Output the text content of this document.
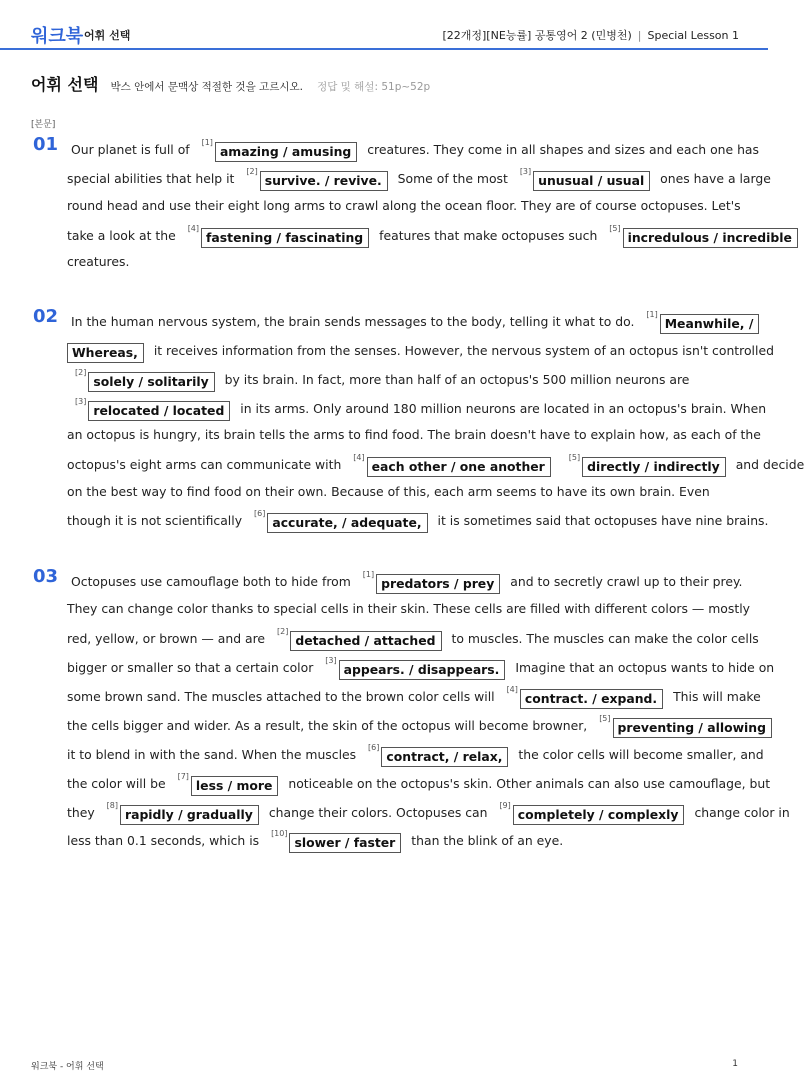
워크북 어휘 선택	[22개정][NE능률] 공통영어 2 (민병천) | Special Lesson 1
어휘 선택 박스 안에서 문맥상 적절한 것을 고르시오. 정답 및 해설: 51p~52p
[본문]
01 Our planet is full of [1]amazing / amusing creatures. They come in all shapes and sizes and each one has
special abilities that help it [2]survive. / revive. Some of the most [3]unusual / usual ones have a large
round head and use their eight long arms to crawl along the ocean floor. They are of course octopuses. Let's
take a look at the [4]fastening / fascinating features that make octopuses such [5]incredulous / incredible
creatures.
02 In the human nervous system, the brain sends messages to the body, telling it what to do. [1]Meanwhile, /
Whereas, it receives information from the senses. However, the nervous system of an octopus isn't controlled
[2]solely / solitarily by its brain. In fact, more than half of an octopus's 500 million neurons are
[3]relocated / located in its arms. Only around 180 million neurons are located in an octopus's brain. When
an octopus is hungry, its brain tells the arms to find food. The brain doesn't have to explain how, as each of the
octopus's eight arms can communicate with [4]each other / one another [5]directly / indirectly and decide
on the best way to find food on their own. Because of this, each arm seems to have its own brain. Even
though it is not scientifically [6]accurate, / adequate, it is sometimes said that octopuses have nine brains.
03 Octopuses use camouflage both to hide from [1]predators / prey and to secretly crawl up to their prey.
They can change color thanks to special cells in their skin. These cells are filled with different colors — mostly
red, yellow, or brown — and are [2]detached / attached to muscles. The muscles can make the color cells
bigger or smaller so that a certain color [3]appears. / disappears. Imagine that an octopus wants to hide on
some brown sand. The muscles attached to the brown color cells will [4]contract. / expand. This will make
the cells bigger and wider. As a result, the skin of the octopus will become browner, [5]preventing / allowing
it to blend in with the sand. When the muscles [6]contract, / relax, the color cells will become smaller, and
the color will be [7]less / more noticeable on the octopus's skin. Other animals can also use camouflage, but
they [8]rapidly / gradually change their colors. Octopuses can [9]completely / complexly change color in
less than 0.1 seconds, which is [10]slower / faster than the blink of an eye.
워크북 - 어휘 선택	1
